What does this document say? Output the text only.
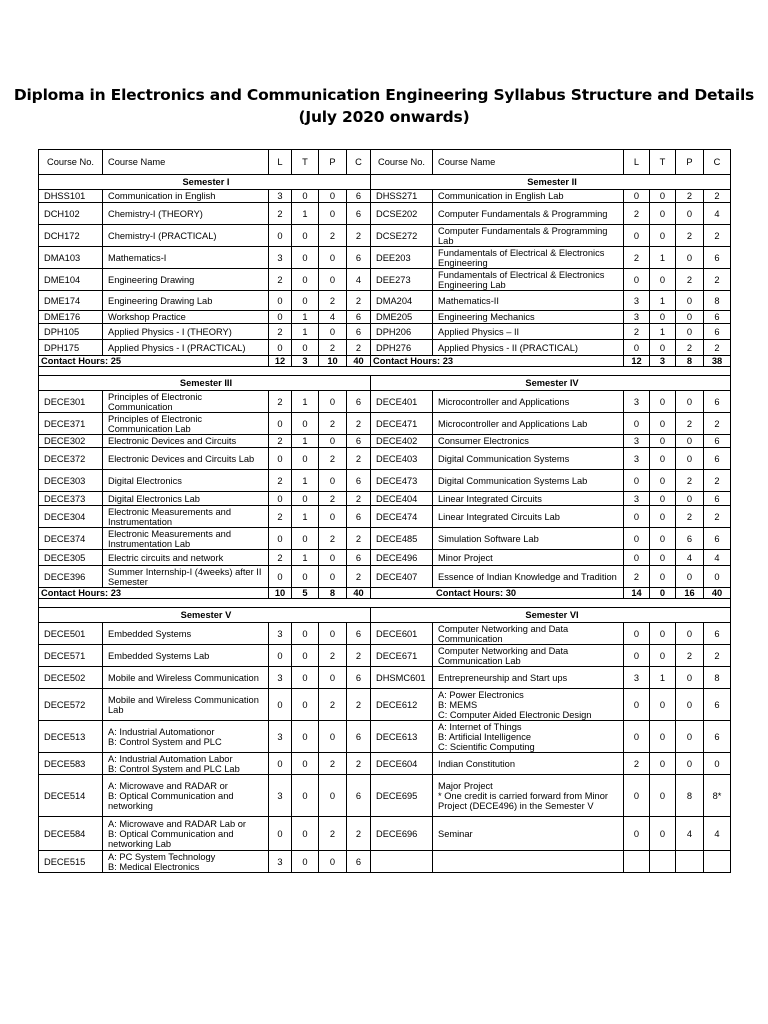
Diploma in Electronics and Communication Engineering Syllabus Structure and Details
(July 2020 onwards)
Course No.	Course Name	L	T	P	C	Course No.	Course Name	L	T	P	C
Semester I						Semester II					
DHSS101	Communication in English	3	0	0	6	DHSS271	Communication in English Lab	0	0	2	2
DCH102	Chemistry-I (THEORY)	2	1	0	6	DCSE202	Computer Fundamentals & Programming	2	0	0	4
DCH172	Chemistry-I (PRACTICAL)	0	0	2	2	DCSE272	Computer Fundamentals & Programming Lab	0	0	2	2
DMA103	Mathematics-I	3	0	0	6	DEE203	Fundamentals of Electrical & Electronics Engineering	2	1	0	6
DME104	Engineering Drawing	2	0	0	4	DEE273	Fundamentals of Electrical & Electronics Engineering Lab	0	0	2	2
DME174	Engineering Drawing Lab	0	0	2	2	DMA204	Mathematics-II	3	1	0	8
DME176	Workshop Practice	0	1	4	6	DME205	Engineering Mechanics	3	0	0	6
DPH105	Applied Physics - I (THEORY)	2	1	0	6	DPH206	Applied Physics – II	2	1	0	6
DPH175	Applied Physics - I (PRACTICAL)	0	0	2	2	DPH276	Applied Physics - II (PRACTICAL)	0	0	2	2
Contact Hours: 25		12	3	10	40	Contact Hours: 23		12	3	8	38

Semester III						Semester IV					
DECE301	Principles of Electronic Communication	2	1	0	6	DECE401	Microcontroller and Applications	3	0	0	6
DECE371	Principles of Electronic Communication Lab	0	0	2	2	DECE471	Microcontroller and Applications Lab	0	0	2	2
DECE302	Electronic Devices and Circuits	2	1	0	6	DECE402	Consumer Electronics	3	0	0	6
DECE372	Electronic Devices and Circuits Lab	0	0	2	2	DECE403	Digital Communication Systems	3	0	0	6
DECE303	Digital Electronics	2	1	0	6	DECE473	Digital Communication Systems Lab	0	0	2	2
DECE373	Digital Electronics Lab	0	0	2	2	DECE404	Linear Integrated Circuits	3	0	0	6
DECE304	Electronic Measurements and Instrumentation	2	1	0	6	DECE474	Linear Integrated Circuits Lab	0	0	2	2
DECE374	Electronic Measurements and Instrumentation Lab	0	0	2	2	DECE485	Simulation Software Lab	0	0	6	6
DECE305	Electric circuits and network	2	1	0	6	DECE496	Minor Project	0	0	4	4
DECE396	Summer Internship-I (4weeks) after II Semester	0	0	0	2	DECE407	Essence of Indian Knowledge and Tradition	2	0	0	0
Contact Hours: 23		10	5	8	40	Contact Hours: 30		14	0	16	40

Semester V						Semester VI					
DECE501	Embedded Systems	3	0	0	6	DECE601	Computer Networking and Data Communication	0	0	0	6
DECE571	Embedded Systems Lab	0	0	2	2	DECE671	Computer Networking and Data Communication Lab	0	0	2	2
DECE502	Mobile and Wireless Communication	3	0	0	6	DHSMC601	Entrepreneurship and Start ups	3	1	0	8
DECE572	Mobile and Wireless Communication Lab	0	0	2	2	DECE612	A: Power Electronics
B: MEMS
C: Computer Aided Electronic Design	0	0	0	6
DECE513	A: Industrial Automationor
B: Control System and PLC	3	0	0	6	DECE613	A: Internet of Things
B: Artificial Intelligence
C: Scientific Computing	0	0	0	6
DECE583	A: Industrial Automation Labor
B: Control System and PLC Lab	0	0	2	2	DECE604	Indian Constitution	2	0	0	0
DECE514	A: Microwave and RADAR or
B: Optical Communication and networking	3	0	0	6	DECE695	Major Project
* One credit is carried forward from Minor Project (DECE496) in the Semester V	0	0	8	8*
DECE584	A: Microwave and RADAR Lab or
B: Optical Communication and networking Lab	0	0	2	2	DECE696	Seminar	0	0	4	4
DECE515	A: PC System Technology
B: Medical Electronics	3	0	0	6						
